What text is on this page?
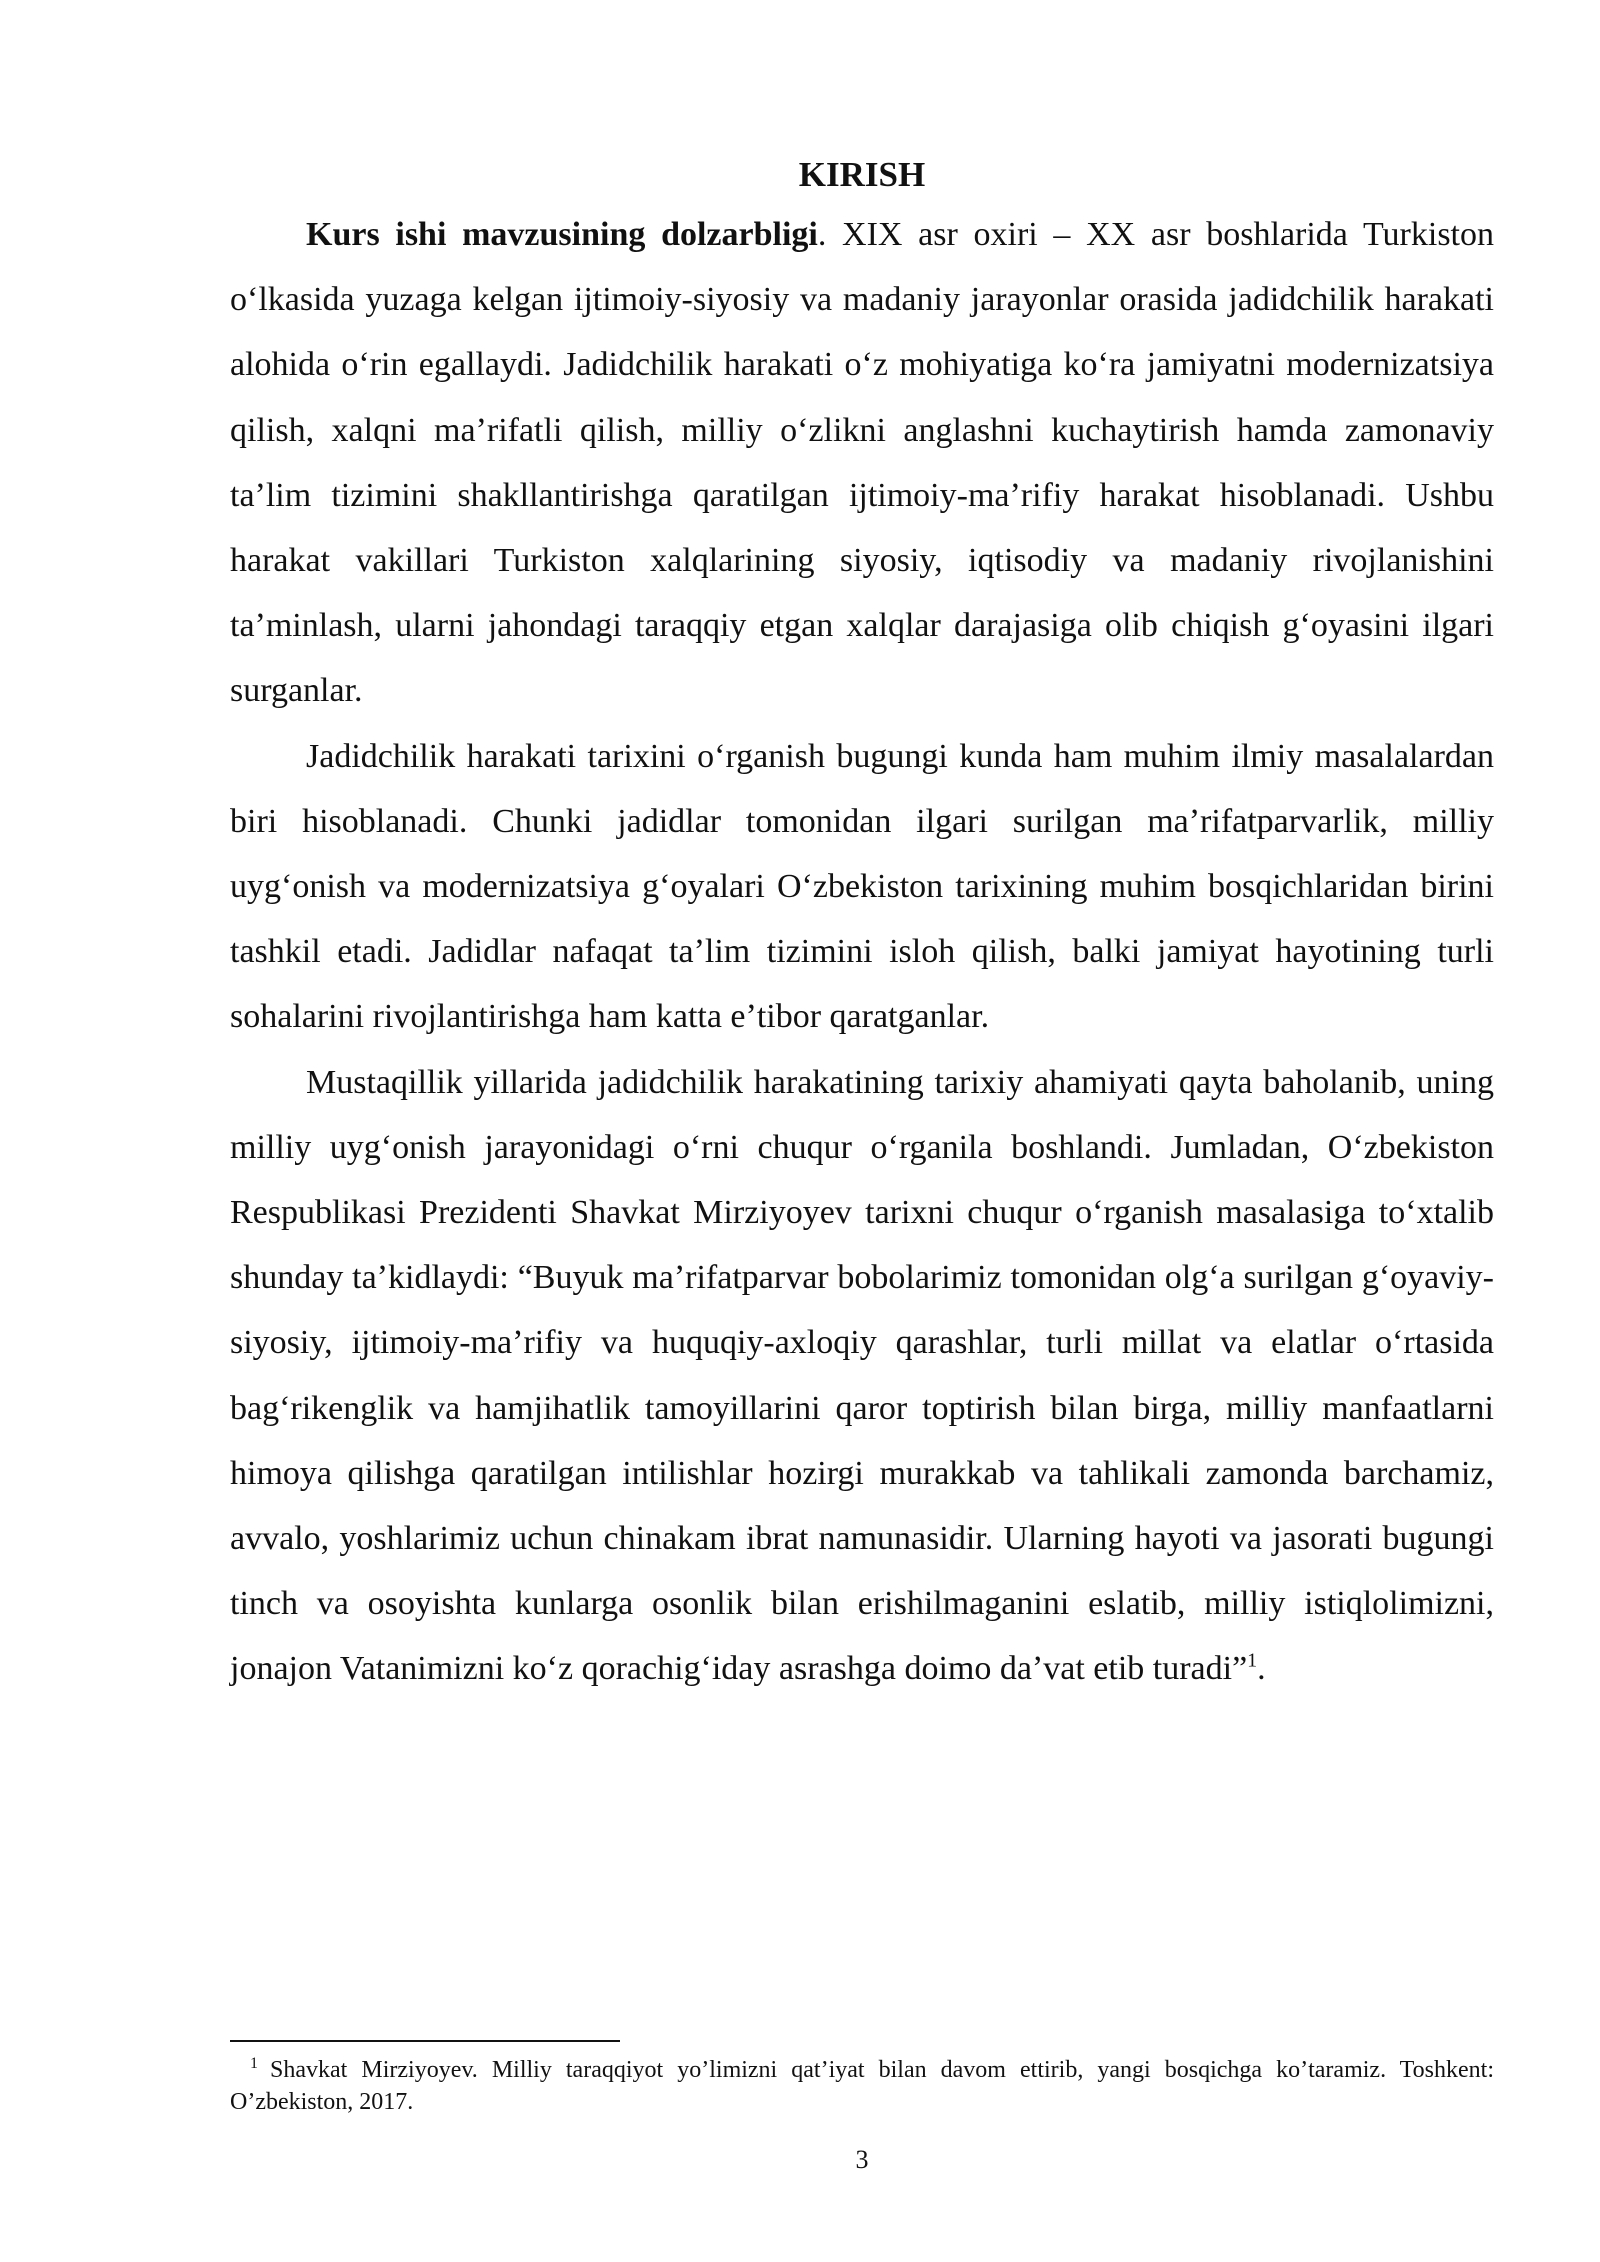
KIRISH

Kurs ishi mavzusining dolzarbligi. XIX asr oxiri – XX asr boshlarida Turkiston oʻlkasida yuzaga kelgan ijtimoiy-siyosiy va madaniy jarayonlar orasida jadidchilik harakati alohida oʻrin egallaydi. Jadidchilik harakati oʻz mohiyatiga koʻra jamiyatni modernizatsiya qilish, xalqni maʼrifatli qilish, milliy oʻzlikni anglashni kuchaytirish hamda zamonaviy taʼlim tizimini shakllantirishga qaratilgan ijtimoiy-maʼrifiy harakat hisoblanadi. Ushbu harakat vakillari Turkiston xalqlarining siyosiy, iqtisodiy va madaniy rivojlanishini taʼminlash, ularni jahondagi taraqqiy etgan xalqlar darajasiga olib chiqish gʻoyasini ilgari surganlar.

Jadidchilik harakati tarixini oʻrganish bugungi kunda ham muhim ilmiy masalalardan biri hisoblanadi. Chunki jadidlar tomonidan ilgari surilgan maʼrifatparvarlik, milliy uygʻonish va modernizatsiya gʻoyalari Oʻzbekiston tarixining muhim bosqichlaridan birini tashkil etadi. Jadidlar nafaqat taʼlim tizimini isloh qilish, balki jamiyat hayotining turli sohalarini rivojlantirishga ham katta eʼtibor qaratganlar.

Mustaqillik yillarida jadidchilik harakatining tarixiy ahamiyati qayta baholanib, uning milliy uygʻonish jarayonidagi oʻrni chuqur oʻrganila boshlandi. Jumladan, Oʻzbekiston Respublikasi Prezidenti Shavkat Mirziyoyev tarixni chuqur oʻrganish masalasiga toʻxtalib shunday taʼkidlaydi: “Buyuk maʼrifatparvar bobolarimiz tomonidan olgʻa surilgan gʻoyaviy-siyosiy, ijtimoiy-maʼrifiy va huquqiy-axloqiy qarashlar, turli millat va elatlar oʻrtasida bagʻrikenglik va hamjihatlik tamoyillarini qaror toptirish bilan birga, milliy manfaatlarni himoya qilishga qaratilgan intilishlar hozirgi murakkab va tahlikali zamonda barchamiz, avvalo, yoshlarimiz uchun chinakam ibrat namunasidir. Ularning hayoti va jasorati bugungi tinch va osoyishta kunlarga osonlik bilan erishilmaganini eslatib, milliy istiqlolimizni, jonajon Vatanimizni koʻz qorachigʻiday asrashga doimo daʼvat etib turadi”$^1$.

$^1$ Shavkat Mirziyoyev. Milliy taraqqiyot yoʼlimizni qatʼiyat bilan davom ettirib, yangi bosqichga koʼtaramiz. Toshkent: Oʼzbekiston, 2017.

3
